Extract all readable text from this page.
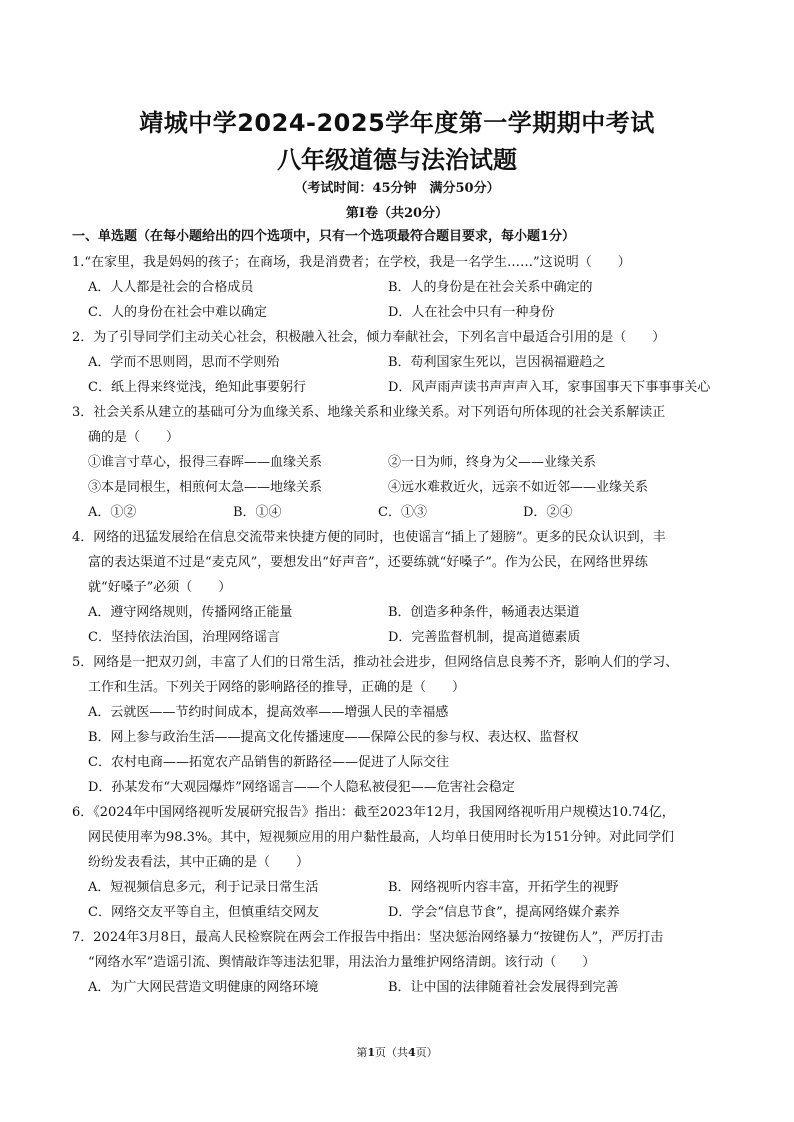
靖城中学2024-2025学年度第一学期期中考试
八年级道德与法治试题
（考试时间：45分钟　满分50分）
第Ⅰ卷（共20分）
一、单选题（在每小题给出的四个选项中，只有一个选项最符合题目要求，每小题1分）
1.“在家里，我是妈妈的孩子；在商场，我是消费者；在学校，我是一名学生……”这说明（　　）
A．人人都是社会的合格成员	B．人的身份是在社会关系中确定的
C．人的身份在社会中难以确定	D．人在社会中只有一种身份
2．为了引导同学们主动关心社会，积极融入社会，倾力奉献社会，下列名言中最适合引用的是（　　）
A．学而不思则罔，思而不学则殆	B．苟利国家生死以，岂因祸福避趋之
C．纸上得来终觉浅，绝知此事要躬行	D．风声雨声读书声声声入耳，家事国事天下事事事关心
3．社会关系从建立的基础可分为血缘关系、地缘关系和业缘关系。对下列语句所体现的社会关系解读正
确的是（　　）
①谁言寸草心，报得三春晖——血缘关系	②一日为师，终身为父——业缘关系
③本是同根生，相煎何太急——地缘关系	④远水难救近火，远亲不如近邻——业缘关系
A．①②	B．①④	C．①③	D．②④
4．网络的迅猛发展给在信息交流带来快捷方便的同时，也使谣言“插上了翅膀”。更多的民众认识到，丰
富的表达渠道不过是“麦克风”，要想发出“好声音”，还要练就“好嗓子”。作为公民，在网络世界练
就“好嗓子”必须（　　）
A．遵守网络规则，传播网络正能量	B．创造多种条件，畅通表达渠道
C．坚持依法治国，治理网络谣言	D．完善监督机制，提高道德素质
5．网络是一把双刃剑，丰富了人们的日常生活，推动社会进步，但网络信息良莠不齐，影响人们的学习、
工作和生活。下列关于网络的影响路径的推导，正确的是（　　）
A．云就医——节约时间成本，提高效率——增强人民的幸福感
B．网上参与政治生活——提高文化传播速度——保障公民的参与权、表达权、监督权
C．农村电商——拓宽农产品销售的新路径——促进了人际交往
D．孙某发布“大观园爆炸”网络谣言——个人隐私被侵犯——危害社会稳定
6．《2024年中国网络视听发展研究报告》指出：截至2023年12月，我国网络视听用户规模达10.74亿，
网民使用率为98.3%。其中，短视频应用的用户黏性最高，人均单日使用时长为151分钟。对此同学们
纷纷发表看法，其中正确的是（　　）
A．短视频信息多元，利于记录日常生活	B．网络视听内容丰富，开拓学生的视野
C．网络交友平等自主，但慎重结交网友	D．学会“信息节食”，提高网络媒介素养
7．2024年3月8日，最高人民检察院在两会工作报告中指出：坚决惩治网络暴力“按键伤人”，严厉打击
“网络水军”造谣引流、舆情敲诈等违法犯罪，用法治力量维护网络清朗。该行动（　　）
A．为广大网民营造文明健康的网络环境	B．让中国的法律随着社会发展得到完善
第1页（共4页）
